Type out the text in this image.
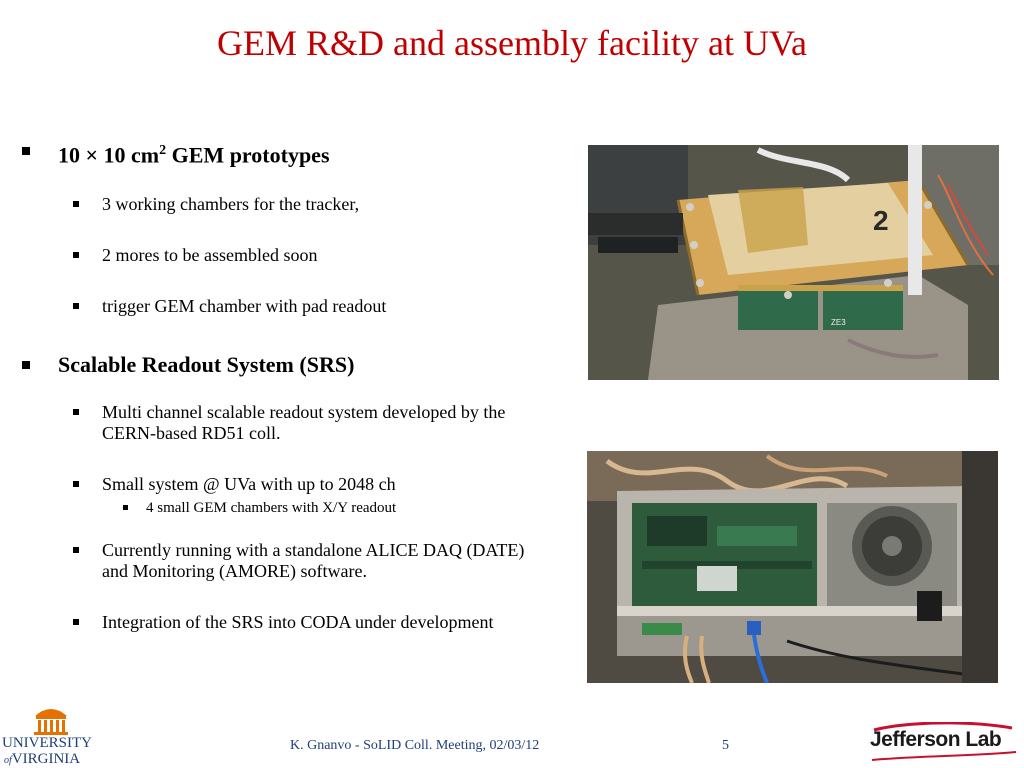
GEM R&D and assembly facility at UVa
10 × 10 $cm^2$ GEM prototypes
3 working chambers for the tracker,
2 mores to be assembled soon
trigger GEM chamber with pad readout
Scalable Readout System (SRS)
Multi channel scalable readout system developed by the CERN-based RD51 coll.
Small system @ UVa with up to 2048 ch
4 small GEM chambers with X/Y readout
Currently running with a standalone ALICE DAQ (DATE) and Monitoring (AMORE) software.
Integration of the SRS into CODA under development
2
ZE3
K. Gnanvo - SoLID Coll. Meeting, 02/03/12	5
UNIVERSITY
ofVIRGINIA
Jefferson Lab
